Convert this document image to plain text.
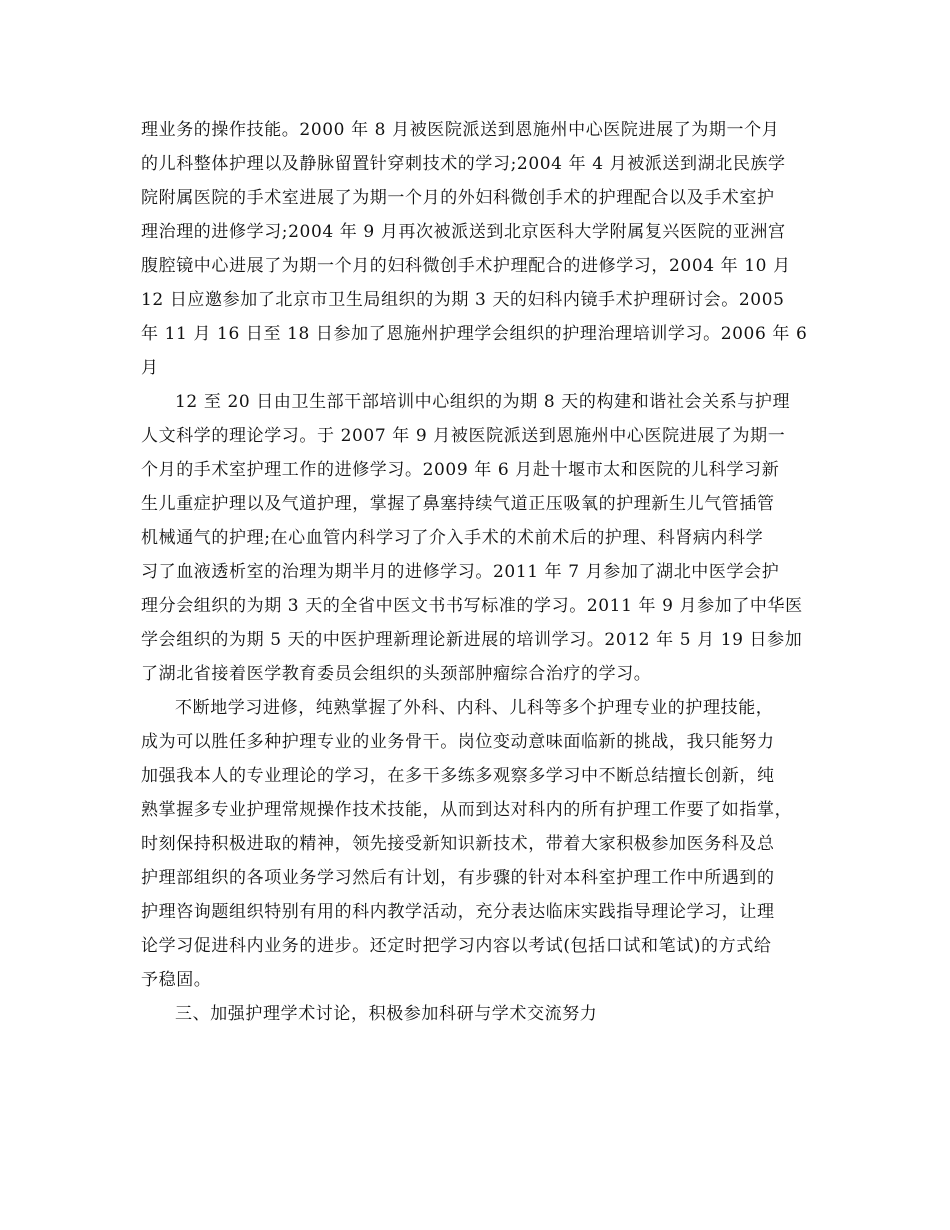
理业务的操作技能。2000 年 8 月被医院派送到恩施州中心医院进展了为期一个月
的儿科整体护理以及静脉留置针穿刺技术的学习;2004 年 4 月被派送到湖北民族学
院附属医院的手术室进展了为期一个月的外妇科微创手术的护理配合以及手术室护
理治理的进修学习;2004 年 9 月再次被派送到北京医科大学附属复兴医院的亚洲宫
腹腔镜中心进展了为期一个月的妇科微创手术护理配合的进修学习，2004 年 10 月
12 日应邀参加了北京市卫生局组织的为期 3 天的妇科内镜手术护理研讨会。2005
年 11 月 16 日至 18 日参加了恩施州护理学会组织的护理治理培训学习。2006 年 6
月
12 至 20 日由卫生部干部培训中心组织的为期 8 天的构建和谐社会关系与护理
人文科学的理论学习。于 2007 年 9 月被医院派送到恩施州中心医院进展了为期一
个月的手术室护理工作的进修学习。2009 年 6 月赴十堰市太和医院的儿科学习新
生儿重症护理以及气道护理，掌握了鼻塞持续气道正压吸氧的护理新生儿气管插管
机械通气的护理;在心血管内科学习了介入手术的术前术后的护理、科肾病内科学
习了血液透析室的治理为期半月的进修学习。2011 年 7 月参加了湖北中医学会护
理分会组织的为期 3 天的全省中医文书书写标准的学习。2011 年 9 月参加了中华医
学会组织的为期 5 天的中医护理新理论新进展的培训学习。2012 年 5 月 19 日参加
了湖北省接着医学教育委员会组织的头颈部肿瘤综合治疗的学习。
不断地学习进修，纯熟掌握了外科、内科、儿科等多个护理专业的护理技能，
成为可以胜任多种护理专业的业务骨干。岗位变动意味面临新的挑战，我只能努力
加强我本人的专业理论的学习，在多干多练多观察多学习中不断总结擅长创新，纯
熟掌握多专业护理常规操作技术技能，从而到达对科内的所有护理工作要了如指掌，
时刻保持积极进取的精神，领先接受新知识新技术，带着大家积极参加医务科及总
护理部组织的各项业务学习然后有计划，有步骤的针对本科室护理工作中所遇到的
护理咨询题组织特别有用的科内教学活动，充分表达临床实践指导理论学习，让理
论学习促进科内业务的进步。还定时把学习内容以考试(包括口试和笔试)的方式给
予稳固。
三、加强护理学术讨论，积极参加科研与学术交流努力
